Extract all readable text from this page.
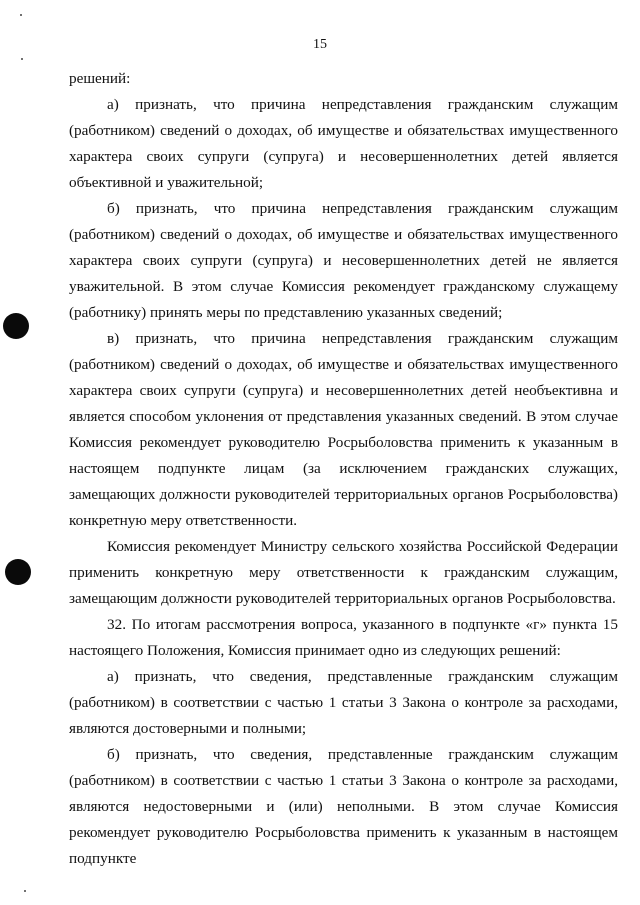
15

решений:

а) признать, что причина непредставления гражданским служащим (работником) сведений о доходах, об имуществе и обязательствах имущественного характера своих супруги (супруга) и несовершеннолетних детей является объективной и уважительной;

б) признать, что причина непредставления гражданским служащим (работником) сведений о доходах, об имуществе и обязательствах имущественного характера своих супруги (супруга) и несовершеннолетних детей не является уважительной. В этом случае Комиссия рекомендует гражданскому служащему (работнику) принять меры по представлению указанных сведений;

в) признать, что причина непредставления гражданским служащим (работником) сведений о доходах, об имуществе и обязательствах имущественного характера своих супруги (супруга) и несовершеннолетних детей необъективна и является способом уклонения от представления указанных сведений. В этом случае Комиссия рекомендует руководителю Росрыболовства применить к указанным в настоящем подпункте лицам (за исключением гражданских служащих, замещающих должности руководителей территориальных органов Росрыболовства) конкретную меру ответственности.

Комиссия рекомендует Министру сельского хозяйства Российской Федерации применить конкретную меру ответственности к гражданским служащим, замещающим должности руководителей территориальных органов Росрыболовства.

32. По итогам рассмотрения вопроса, указанного в подпункте «г» пункта 15 настоящего Положения, Комиссия принимает одно из следующих решений:

а) признать, что сведения, представленные гражданским служащим (работником) в соответствии с частью 1 статьи 3 Закона о контроле за расходами, являются достоверными и полными;

б) признать, что сведения, представленные гражданским служащим (работником) в соответствии с частью 1 статьи 3 Закона о контроле за расходами, являются недостоверными и (или) неполными. В этом случае Комиссия рекомендует руководителю Росрыболовства применить к указанным в настоящем подпункте
